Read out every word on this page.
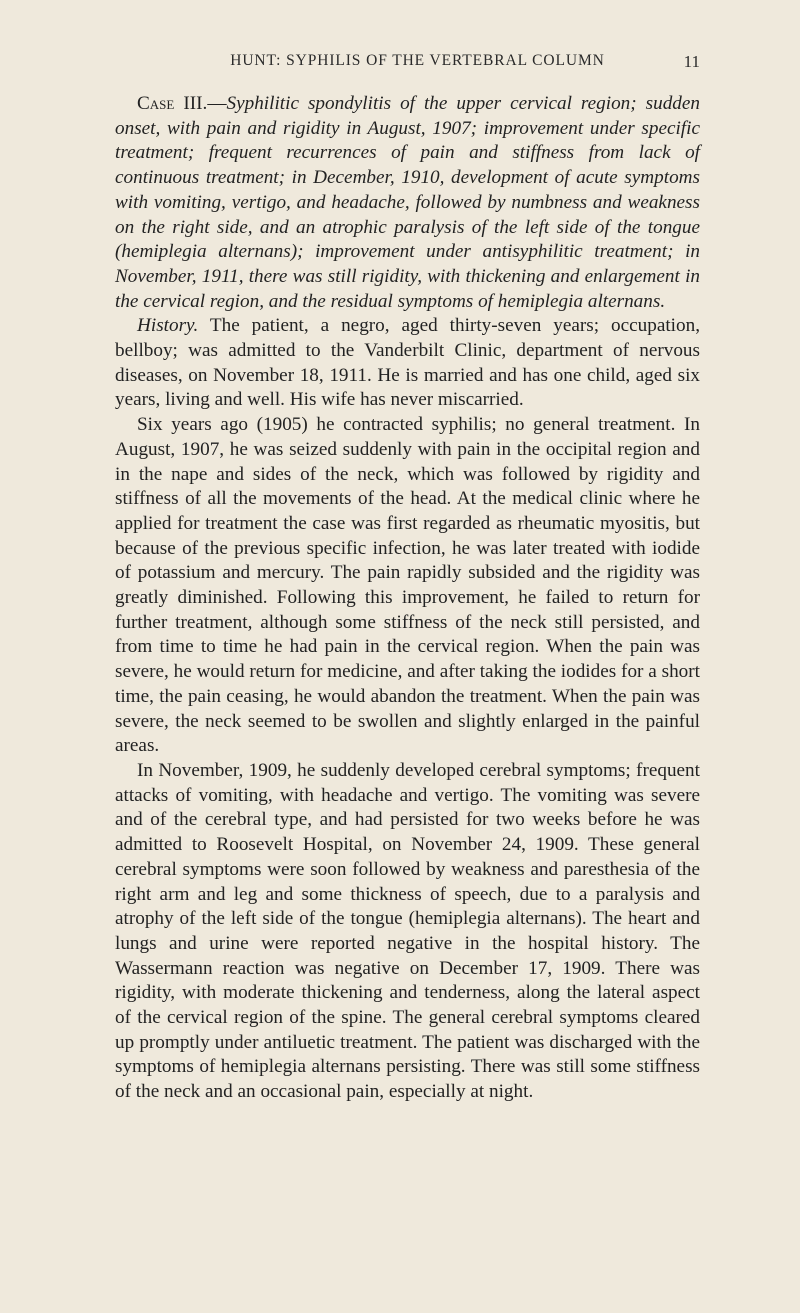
HUNT: SYPHILIS OF THE VERTEBRAL COLUMN	11

Case III.—Syphilitic spondylitis of the upper cervical region; sudden onset, with pain and rigidity in August, 1907; improvement under specific treatment; frequent recurrences of pain and stiffness from lack of continuous treatment; in December, 1910, development of acute symptoms with vomiting, vertigo, and headache, followed by numbness and weakness on the right side, and an atrophic paralysis of the left side of the tongue (hemiplegia alternans); improvement under antisyphilitic treatment; in November, 1911, there was still rigidity, with thickening and enlargement in the cervical region, and the residual symptoms of hemiplegia alternans.

History. The patient, a negro, aged thirty-seven years; occupation, bellboy; was admitted to the Vanderbilt Clinic, department of nervous diseases, on November 18, 1911. He is married and has one child, aged six years, living and well. His wife has never miscarried.

Six years ago (1905) he contracted syphilis; no general treatment. In August, 1907, he was seized suddenly with pain in the occipital region and in the nape and sides of the neck, which was followed by rigidity and stiffness of all the movements of the head. At the medical clinic where he applied for treatment the case was first regarded as rheumatic myositis, but because of the previous specific infection, he was later treated with iodide of potassium and mercury. The pain rapidly subsided and the rigidity was greatly diminished. Following this improvement, he failed to return for further treatment, although some stiffness of the neck still persisted, and from time to time he had pain in the cervical region. When the pain was severe, he would return for medicine, and after taking the iodides for a short time, the pain ceasing, he would abandon the treatment. When the pain was severe, the neck seemed to be swollen and slightly enlarged in the painful areas.

In November, 1909, he suddenly developed cerebral symptoms; frequent attacks of vomiting, with headache and vertigo. The vomiting was severe and of the cerebral type, and had persisted for two weeks before he was admitted to Roosevelt Hospital, on November 24, 1909. These general cerebral symptoms were soon followed by weakness and paresthesia of the right arm and leg and some thickness of speech, due to a paralysis and atrophy of the left side of the tongue (hemiplegia alternans). The heart and lungs and urine were reported negative in the hospital history. The Wassermann reaction was negative on December 17, 1909. There was rigidity, with moderate thickening and tenderness, along the lateral aspect of the cervical region of the spine. The general cerebral symptoms cleared up promptly under antiluetic treatment. The patient was discharged with the symptoms of hemiplegia alternans persisting. There was still some stiffness of the neck and an occasional pain, especially at night.
